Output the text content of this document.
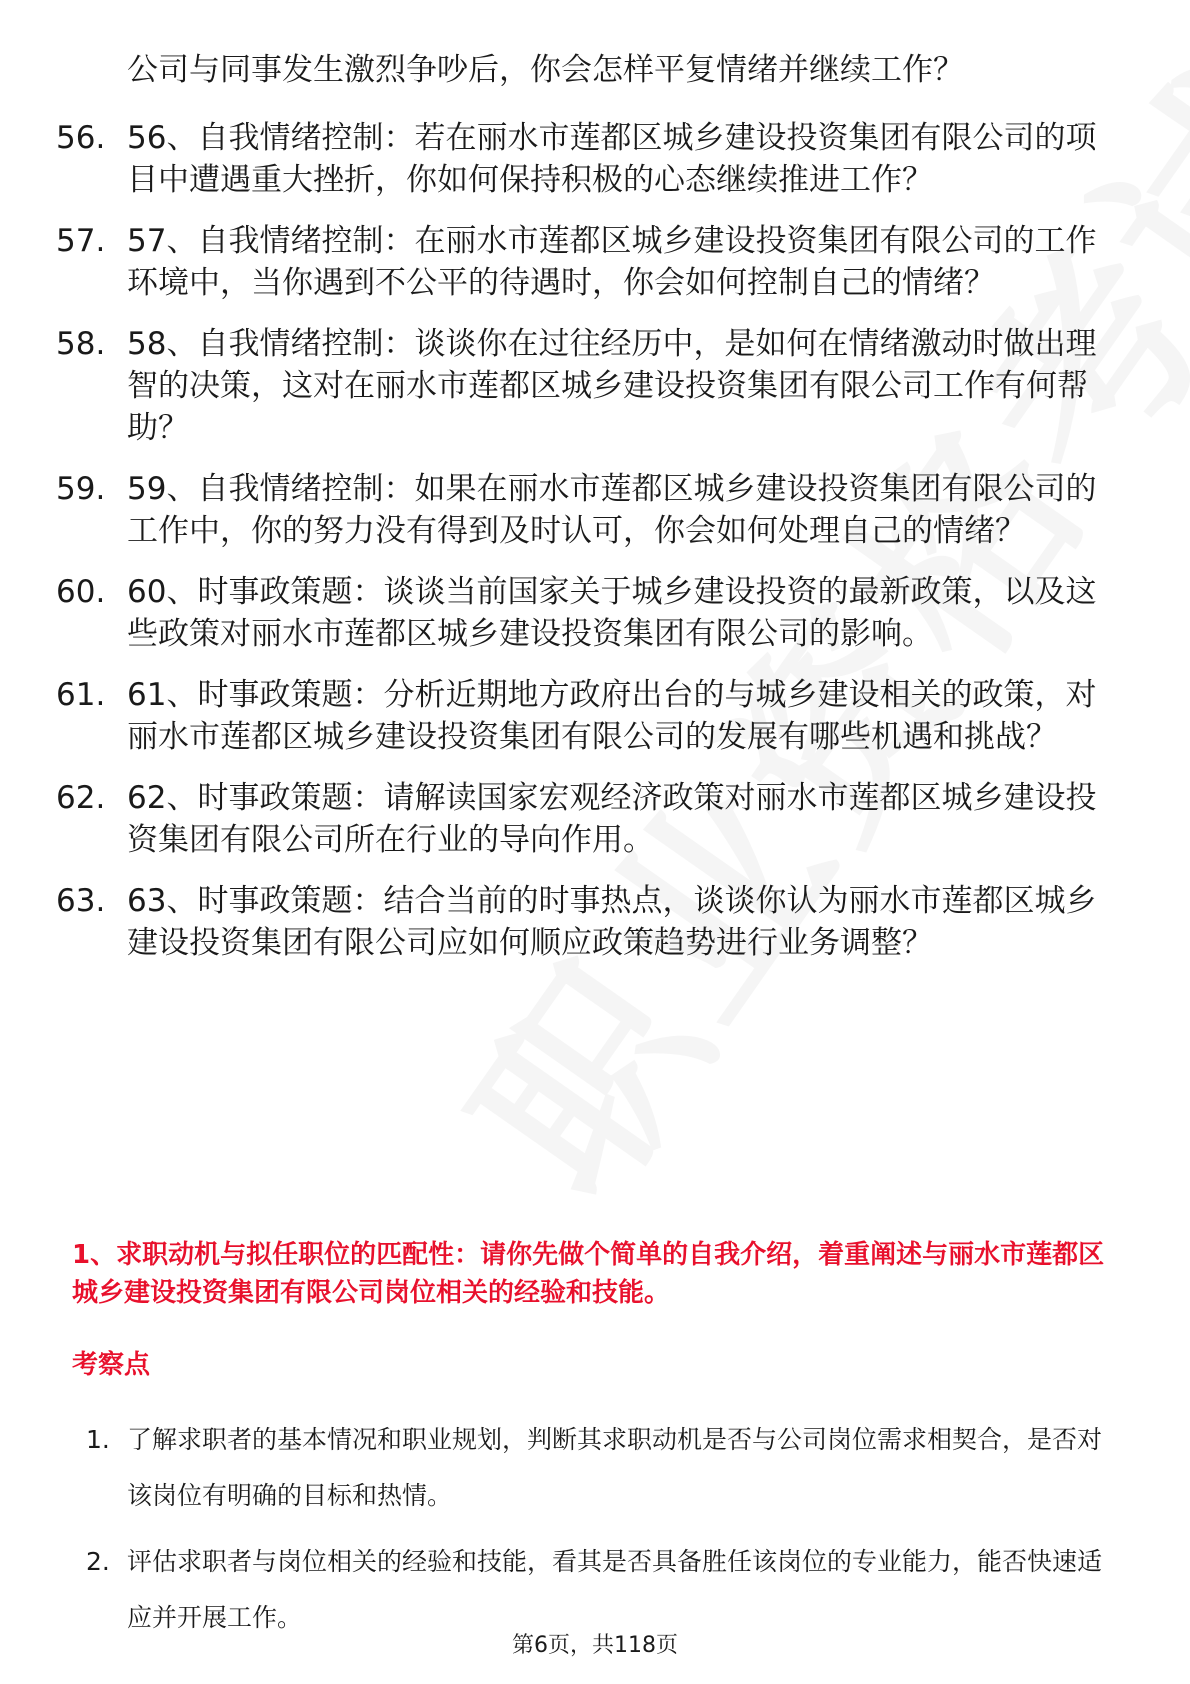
公司与同事发生激烈争吵后，你会怎样平复情绪并继续工作？
56. 56、自我情绪控制：若在丽水市莲都区城乡建设投资集团有限公司的项目中遭遇重大挫折，你如何保持积极的心态继续推进工作？
57. 57、自我情绪控制：在丽水市莲都区城乡建设投资集团有限公司的工作环境中，当你遇到不公平的待遇时，你会如何控制自己的情绪？
58. 58、自我情绪控制：谈谈你在过往经历中，是如何在情绪激动时做出理智的决策，这对在丽水市莲都区城乡建设投资集团有限公司工作有何帮助？
59. 59、自我情绪控制：如果在丽水市莲都区城乡建设投资集团有限公司的工作中，你的努力没有得到及时认可，你会如何处理自己的情绪？
60. 60、时事政策题：谈谈当前国家关于城乡建设投资的最新政策，以及这些政策对丽水市莲都区城乡建设投资集团有限公司的影响。
61. 61、时事政策题：分析近期地方政府出台的与城乡建设相关的政策，对丽水市莲都区城乡建设投资集团有限公司的发展有哪些机遇和挑战？
62. 62、时事政策题：请解读国家宏观经济政策对丽水市莲都区城乡建设投资集团有限公司所在行业的导向作用。
63. 63、时事政策题：结合当前的时事热点，谈谈你认为丽水市莲都区城乡建设投资集团有限公司应如何顺应政策趋势进行业务调整？
1、求职动机与拟任职位的匹配性：请你先做个简单的自我介绍，着重阐述与丽水市莲都区城乡建设投资集团有限公司岗位相关的经验和技能。
考察点
1. 了解求职者的基本情况和职业规划，判断其求职动机是否与公司岗位需求相契合，是否对该岗位有明确的目标和热情。
2. 评估求职者与岗位相关的经验和技能，看其是否具备胜任该岗位的专业能力，能否快速适应并开展工作。
第6页，共118页
